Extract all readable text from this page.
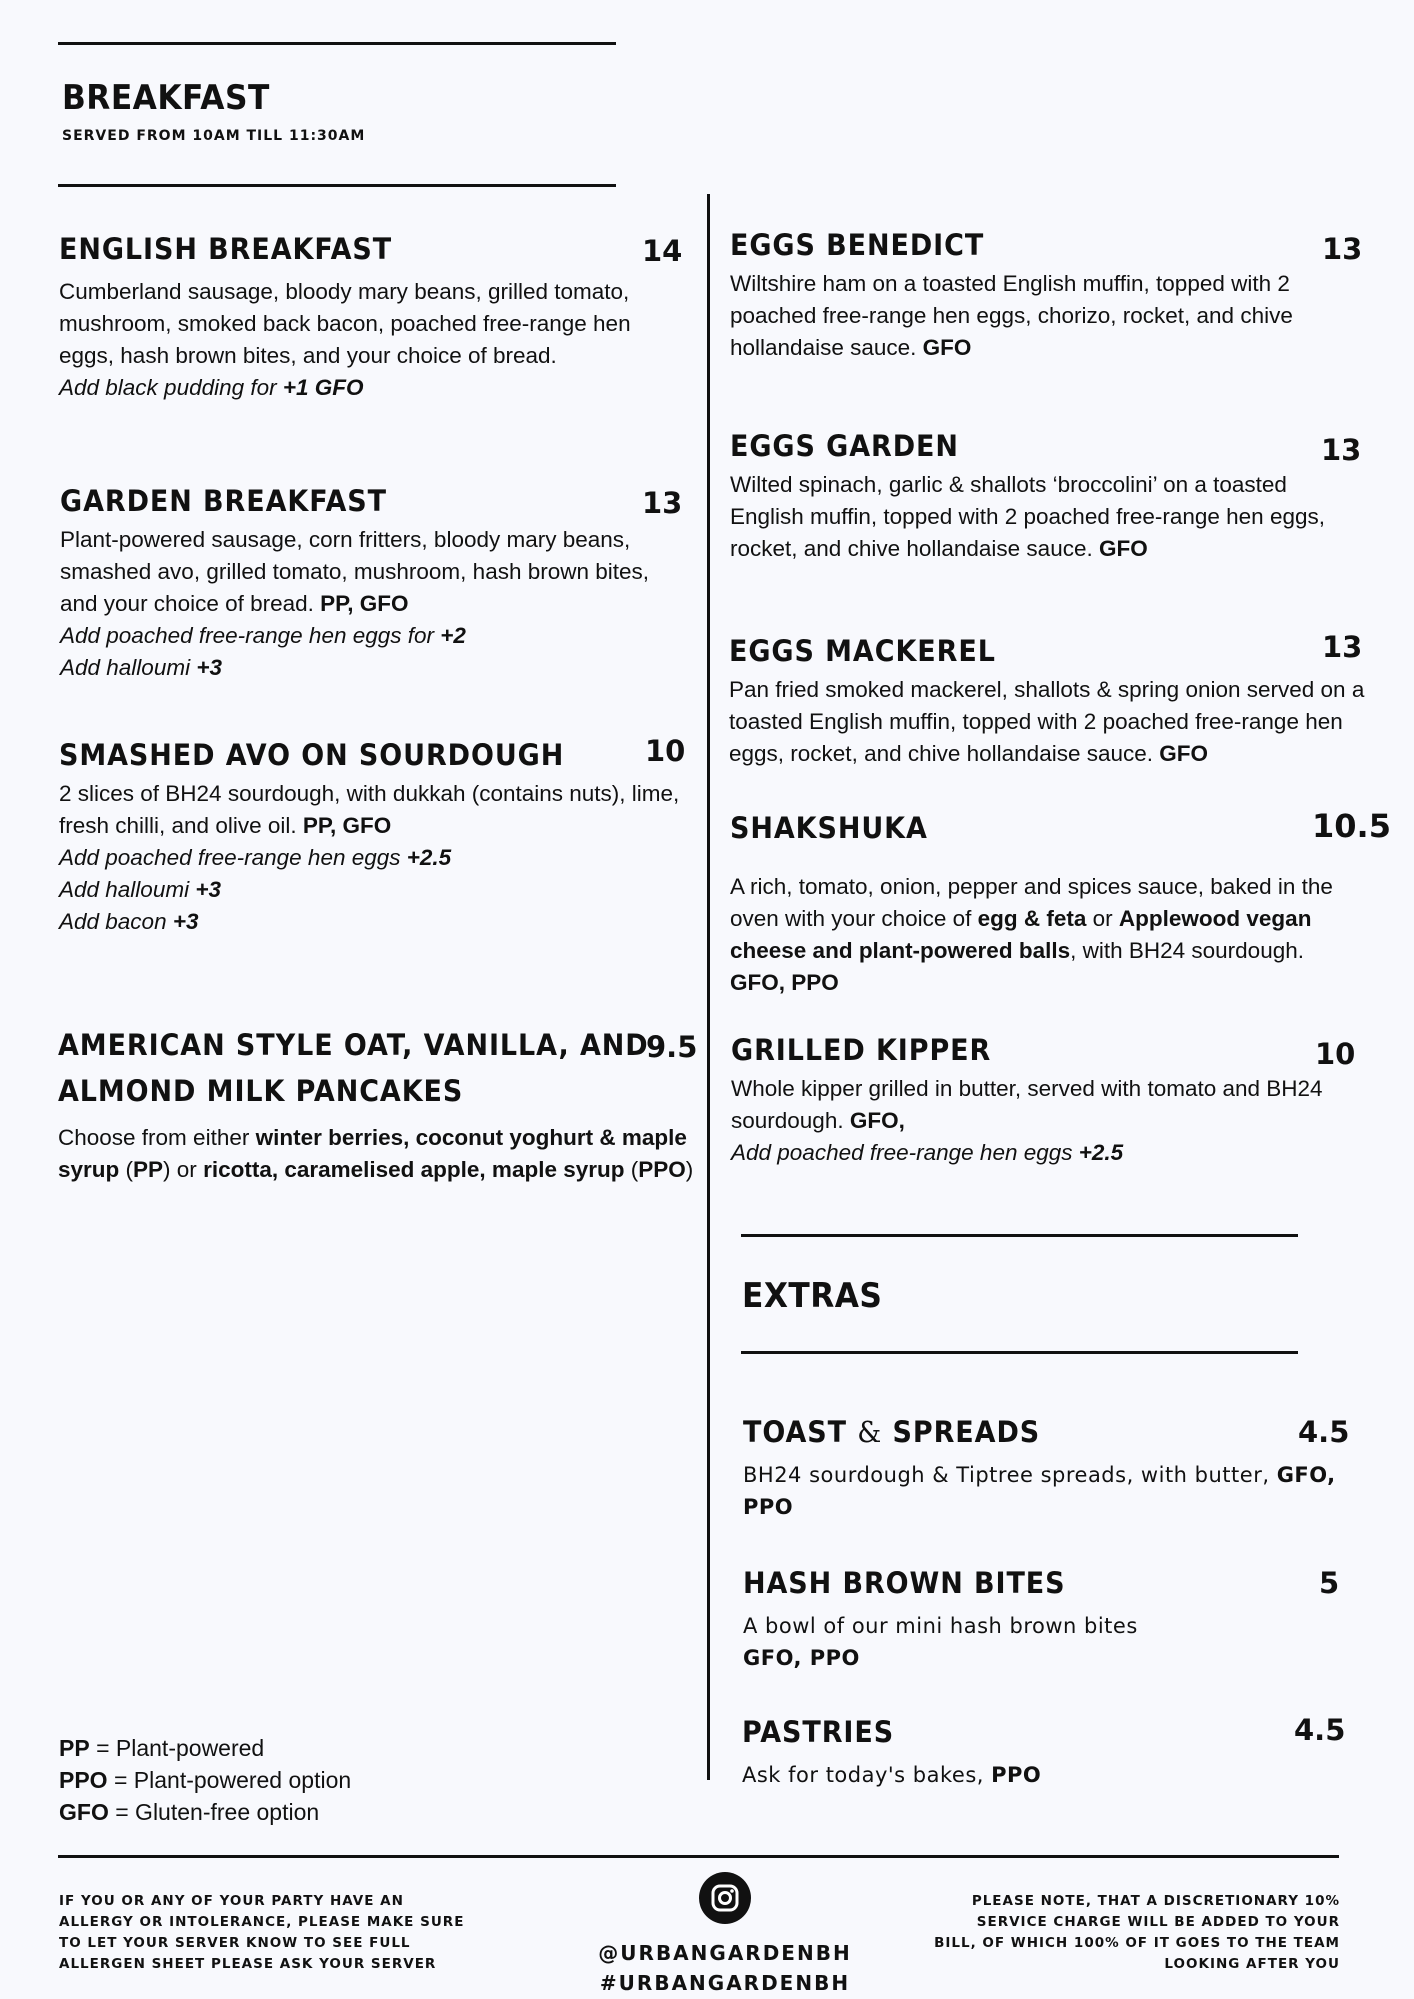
BREAKFAST
SERVED FROM 10AM TILL 11:30AM
ENGLISH BREAKFAST	14

Cumberland sausage, bloody mary beans, grilled tomato, mushroom, smoked back bacon, poached free-range hen eggs, hash brown bites, and your choice of bread.

Add black pudding for +1 GFO

GARDEN BREAKFAST	13

Plant-powered sausage, corn fritters, bloody mary beans, smashed avo, grilled tomato, mushroom, hash brown bites, and your choice of bread. PP, GFO

Add poached free-range hen eggs for +2

Add halloumi +3

SMASHED AVO ON SOURDOUGH	10

2 slices of BH24 sourdough, with dukkah (contains nuts), lime, fresh chilli, and olive oil. PP, GFO

Add poached free-range hen eggs +2.5

Add halloumi +3

Add bacon +3

AMERICAN STYLE OAT, VANILLA, AND
ALMOND MILK PANCAKES
9.5

Choose from either winter berries, coconut yoghurt & maple syrup (PP) or ricotta, caramelised apple, maple syrup (PPO)

PP = Plant-powered
PPO = Plant-powered option
GFO = Gluten-free option
EGGS BENEDICT	13

Wiltshire ham on a toasted English muffin, topped with 2 poached free-range hen eggs, chorizo, rocket, and chive hollandaise sauce. GFO

EGGS GARDEN	13

Wilted spinach, garlic & shallots ‘broccolini’ on a toasted English muffin, topped with 2 poached free-range hen eggs, rocket, and chive hollandaise sauce. GFO

EGGS MACKEREL	13

Pan fried smoked mackerel, shallots & spring onion served on a toasted English muffin, topped with 2 poached free-range hen eggs, rocket, and chive hollandaise sauce. GFO

SHAKSHUKA	10.5

A rich, tomato, onion, pepper and spices sauce, baked in the oven with your choice of egg & feta or Applewood vegan cheese and plant-powered balls, with BH24 sourdough.
GFO, PPO

GRILLED KIPPER	10

Whole kipper grilled in butter, served with tomato and BH24 sourdough. GFO,

Add poached free-range hen eggs +2.5

EXTRAS
TOAST & SPREADS	4.5

BH24 sourdough & Tiptree spreads, with butter, GFO, PPO

HASH BROWN BITES	5

A bowl of our mini hash brown bites
GFO, PPO

PASTRIES	4.5

Ask for today's bakes, PPO

IF YOU OR ANY OF YOUR PARTY HAVE AN ALLERGY OR INTOLERANCE, PLEASE MAKE SURE TO LET YOUR SERVER KNOW TO SEE FULL ALLERGEN SHEET PLEASE ASK YOUR SERVER	@URBANGARDENBH
#URBANGARDENBH
PLEASE NOTE, THAT A DISCRETIONARY 10% SERVICE CHARGE WILL BE ADDED TO YOUR BILL, OF WHICH 100% OF IT GOES TO THE TEAM LOOKING AFTER YOU
